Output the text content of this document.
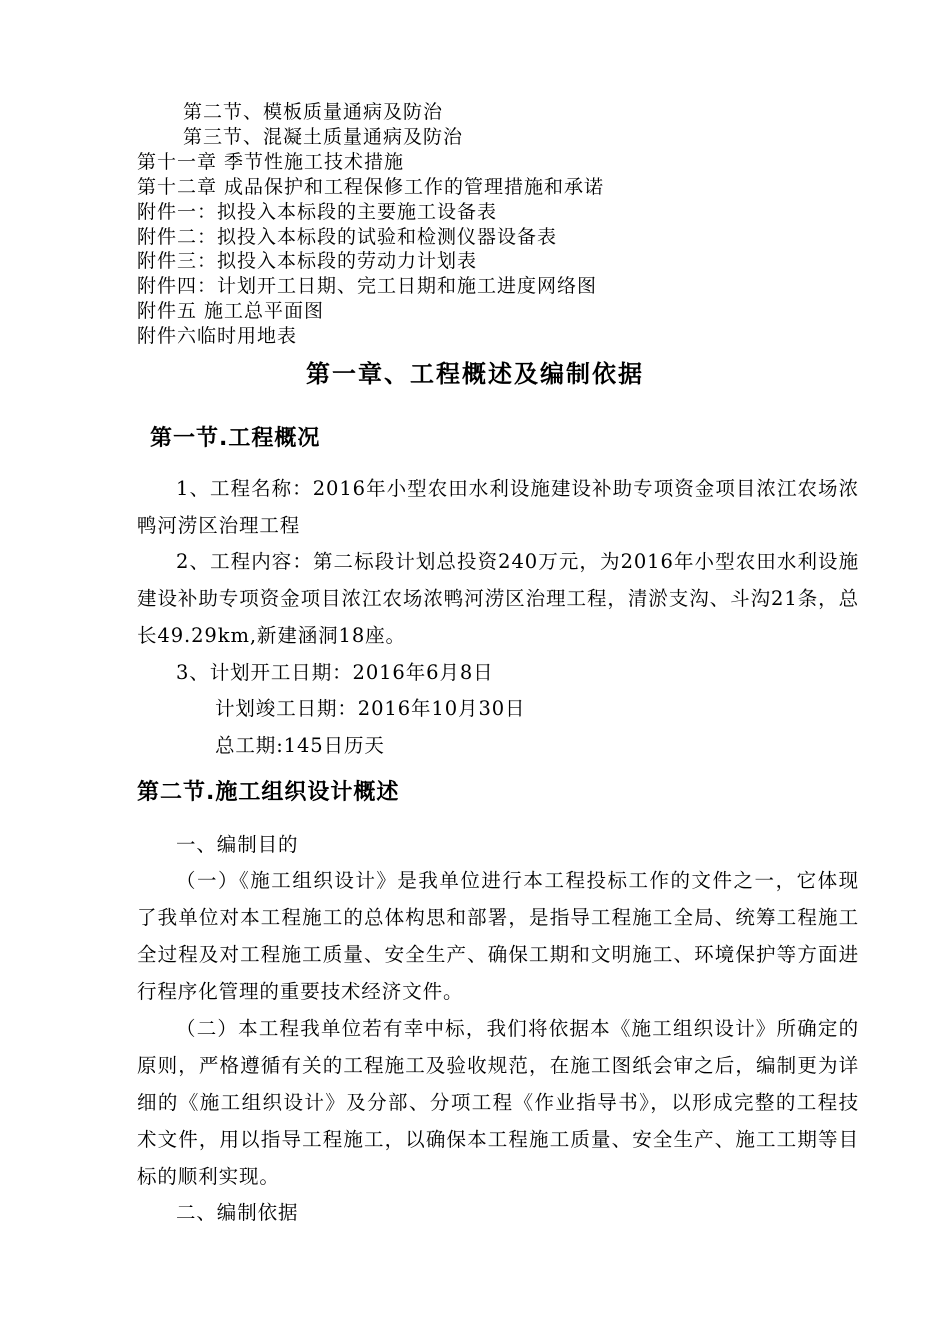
第二节、模板质量通病及防治
第三节、混凝土质量通病及防治
第十一章 季节性施工技术措施
第十二章 成品保护和工程保修工作的管理措施和承诺
附件一：拟投入本标段的主要施工设备表
附件二：拟投入本标段的试验和检测仪器设备表
附件三：拟投入本标段的劳动力计划表
附件四：计划开工日期、完工日期和施工进度网络图
附件五 施工总平面图
附件六临时用地表
第一章、工程概述及编制依据
第一节.工程概况
1、工程名称：2016年小型农田水利设施建设补助专项资金项目浓江农场浓鸭河涝区治理工程
2、工程内容：第二标段计划总投资240万元，为2016年小型农田水利设施建设补助专项资金项目浓江农场浓鸭河涝区治理工程，清淤支沟、斗沟21条，总长49.29km,新建涵洞18座。
3、计划开工日期：2016年6月8日
计划竣工日期：2016年10月30日
总工期:145日历天
第二节.施工组织设计概述
一、编制目的
（一）《施工组织设计》是我单位进行本工程投标工作的文件之一，它体现了我单位对本工程施工的总体构思和部署，是指导工程施工全局、统筹工程施工全过程及对工程施工质量、安全生产、确保工期和文明施工、环境保护等方面进行程序化管理的重要技术经济文件。
（二）本工程我单位若有幸中标，我们将依据本《施工组织设计》所确定的原则，严格遵循有关的工程施工及验收规范，在施工图纸会审之后，编制更为详细的《施工组织设计》及分部、分项工程《作业指导书》，以形成完整的工程技术文件，用以指导工程施工，以确保本工程施工质量、安全生产、施工工期等目标的顺利实现。
二、编制依据
